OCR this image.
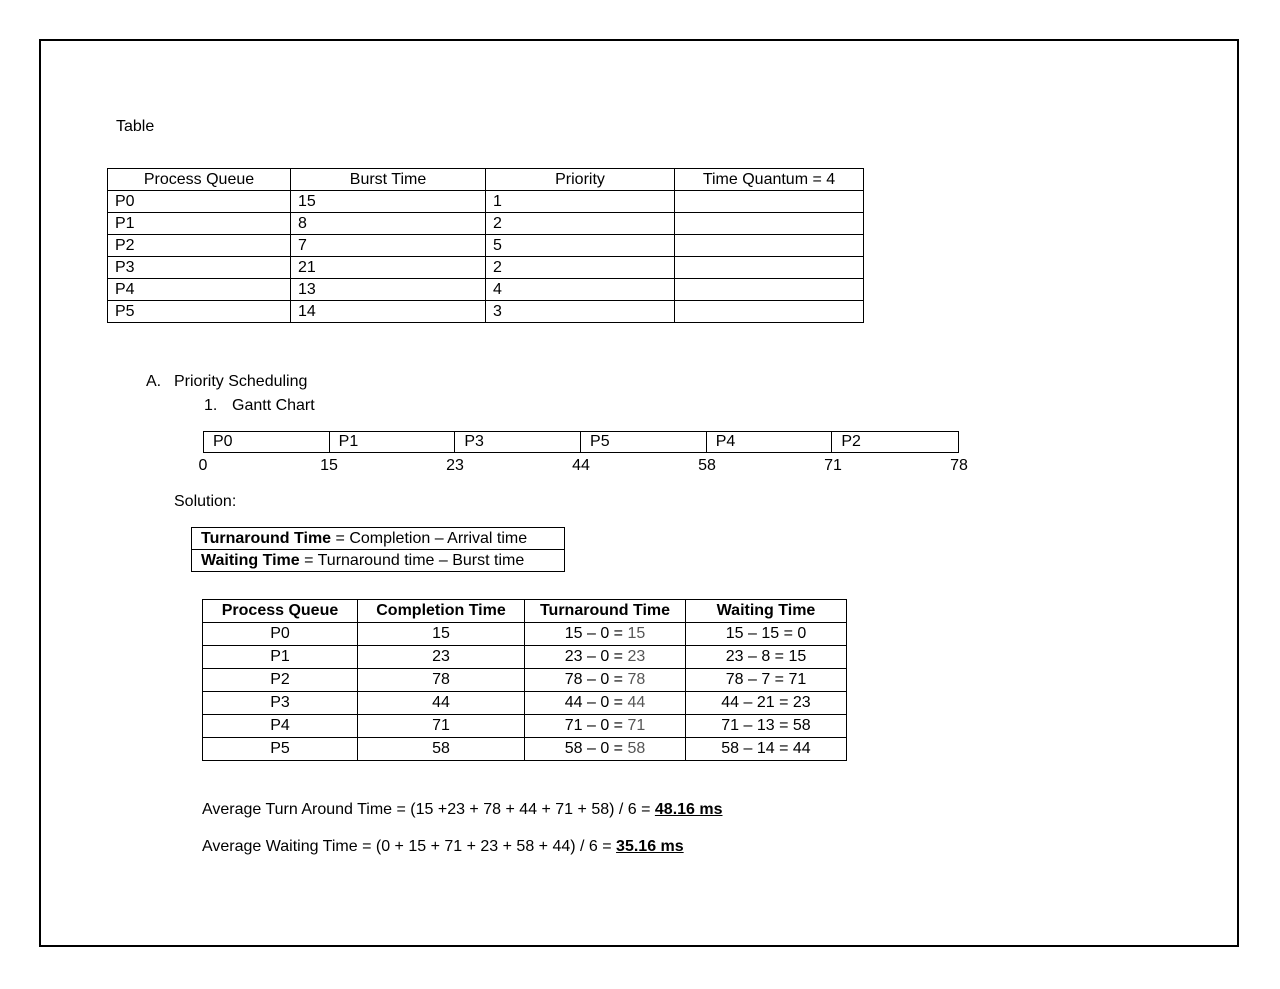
Table
Process Queue	Burst Time	Priority	Time Quantum = 4
P0	15	1	
P1	8	2	
P2	7	5	
P3	21	2	
P4	13	4	
P5	14	3	
A. Priority Scheduling
1. Gantt Chart
P0	P1	P3	P5	P4	P2
0	15	23	44	58	71	78
Solution:
Turnaround Time = Completion – Arrival time
Waiting Time = Turnaround time – Burst time
Process Queue	Completion Time	Turnaround Time	Waiting Time
P0	15	15 – 0 = 15	15 – 15 = 0
P1	23	23 – 0 = 23	23 – 8 = 15
P2	78	78 – 0 = 78	78 – 7 = 71
P3	44	44 – 0 = 44	44 – 21 = 23
P4	71	71 – 0 = 71	71 – 13 = 58
P5	58	58 – 0 = 58	58 – 14 = 44
Average Turn Around Time = (15 +23 + 78 + 44 + 71 + 58) / 6 = 48.16 ms
Average Waiting Time = (0 + 15 + 71 + 23 + 58 + 44) / 6 = 35.16 ms
